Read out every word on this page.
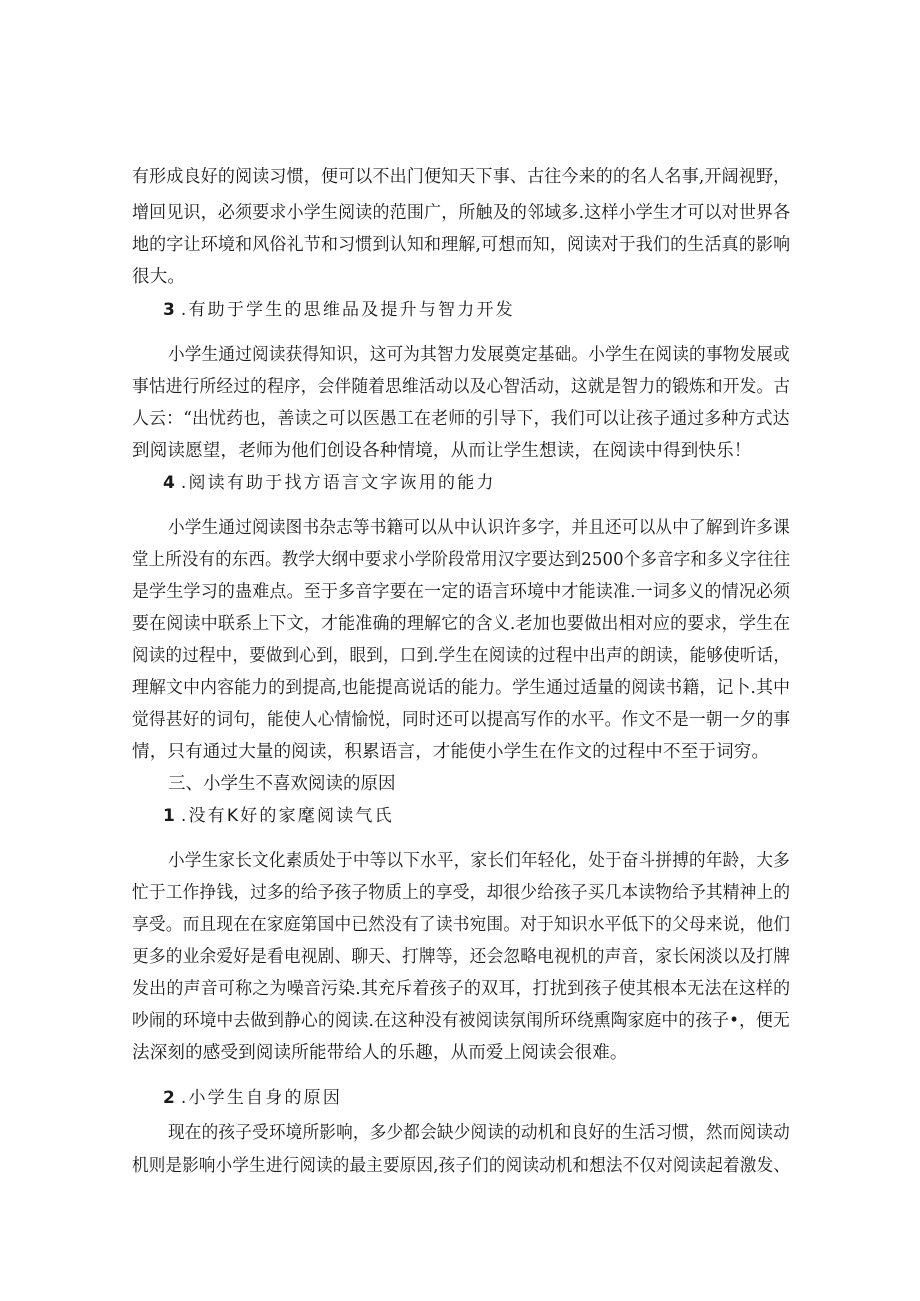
有形成良好的阅读习惯，便可以不出门便知天下事、古往今来的的名人名事,开阔视野，
增回见识，必须要求小学生阅读的范围广，所触及的邻域多.这样小学生才可以对世界各
地的字让环境和风俗礼节和习惯到认知和理解,可想而知，阅读对于我们的生活真的影响
很大。
3 .有助于学生的思维品及提升与智力开发
小学生通过阅读获得知识，这可为其智力发展奠定基础。小学生在阅读的事物发展或
事怙进行所经过的程序，会伴随着思维活动以及心智活动，这就是智力的锻炼和开发。古
人云：“出忧药也，善读之可以医愚工在老师的引导下，我们可以让孩子通过多种方式达
到阅读愿望，老师为他们创设各种情境，从而让学生想读，在阅读中得到快乐！
4 .阅读有助于找方语言文字诙用的能力
小学生通过阅读图书杂志等书籍可以从中认识许多字，并且还可以从中了解到许多课
堂上所没有的东西。教学大纲中要求小学阶段常用汉字要达到2500个多音字和多义字往往
是学生学习的蛊难点。至于多音字要在一定的语言环境中才能读准.一词多义的情况必须
要在阅读中联系上下文，才能准确的理解它的含义.老加也要做出相对应的要求，学生在
阅读的过程中，要做到心到，眼到，口到.学生在阅读的过程中出声的朗读，能够使听话，
理解文中内容能力的到提高,也能提高说话的能力。学生通过适量的阅读书籍，记卜.其中
觉得甚好的词句，能使人心情愉悦，同时还可以提高写作的水平。作文不是一朝一夕的事
情，只有通过大量的阅读，积累语言，才能使小学生在作文的过程中不至于词穷。
三、小学生不喜欢阅读的原因
1 .没有K好的家麾阅读气氏
小学生家长文化素质处于中等以下水平，家长们年轻化，处于奋斗拼搏的年龄，大多
忙于工作挣钱，过多的给予孩子物质上的享受，却很少给孩子买几本读物给予其精神上的
享受。而且现在在家庭第国中已然没有了读书宛围。对于知识水平低下的父母来说，他们
更多的业余爱好是看电视剧、聊天、打牌等，还会忽略电视机的声音，家长闲淡以及打牌
发出的声音可称之为噪音污染.其充斥着孩子的双耳，打扰到孩子使其根本无法在这样的
吵闹的环境中去做到静心的阅读.在这种没有被阅读氛闱所环绕熏陶家庭中的孩子•，便无
法深刻的感受到阅读所能带给人的乐趣，从而爱上阅读会很难。
2 .小学生自身的原因
现在的孩子受环境所影响，多少都会缺少阅读的动机和良好的生活习惯，然而阅读动
机则是影响小学生进行阅读的最主要原因,孩子们的阅读动机和想法不仅对阅读起着激发、
